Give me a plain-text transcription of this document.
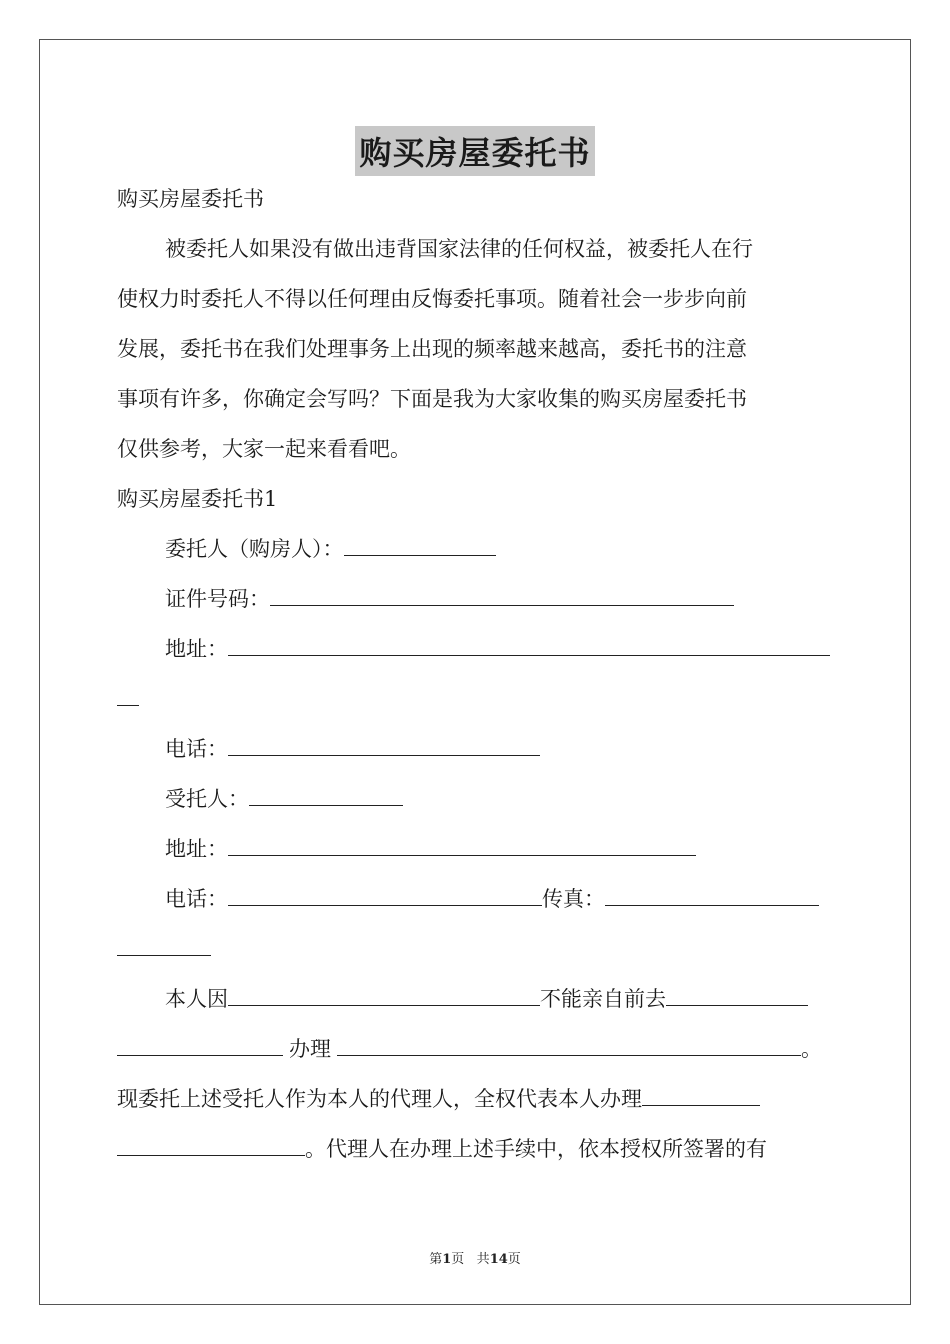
购买房屋委托书
购买房屋委托书
被委托人如果没有做出违背国家法律的任何权益，被委托人在行
使权力时委托人不得以任何理由反悔委托事项。随着社会一步步向前
发展，委托书在我们处理事务上出现的频率越来越高，委托书的注意
事项有许多，你确定会写吗？下面是我为大家收集的购买房屋委托书
仅供参考，大家一起来看看吧。
购买房屋委托书1
委托人（购房人）：
证件号码：
地址：
电话：
受托人：
地址：
电话：	传真：
本人因	不能亲自前去
办理	。
现委托上述受托人作为本人的代理人，全权代表本人办理
。代理人在办理上述手续中，依本授权所签署的有
第1页 共14页
